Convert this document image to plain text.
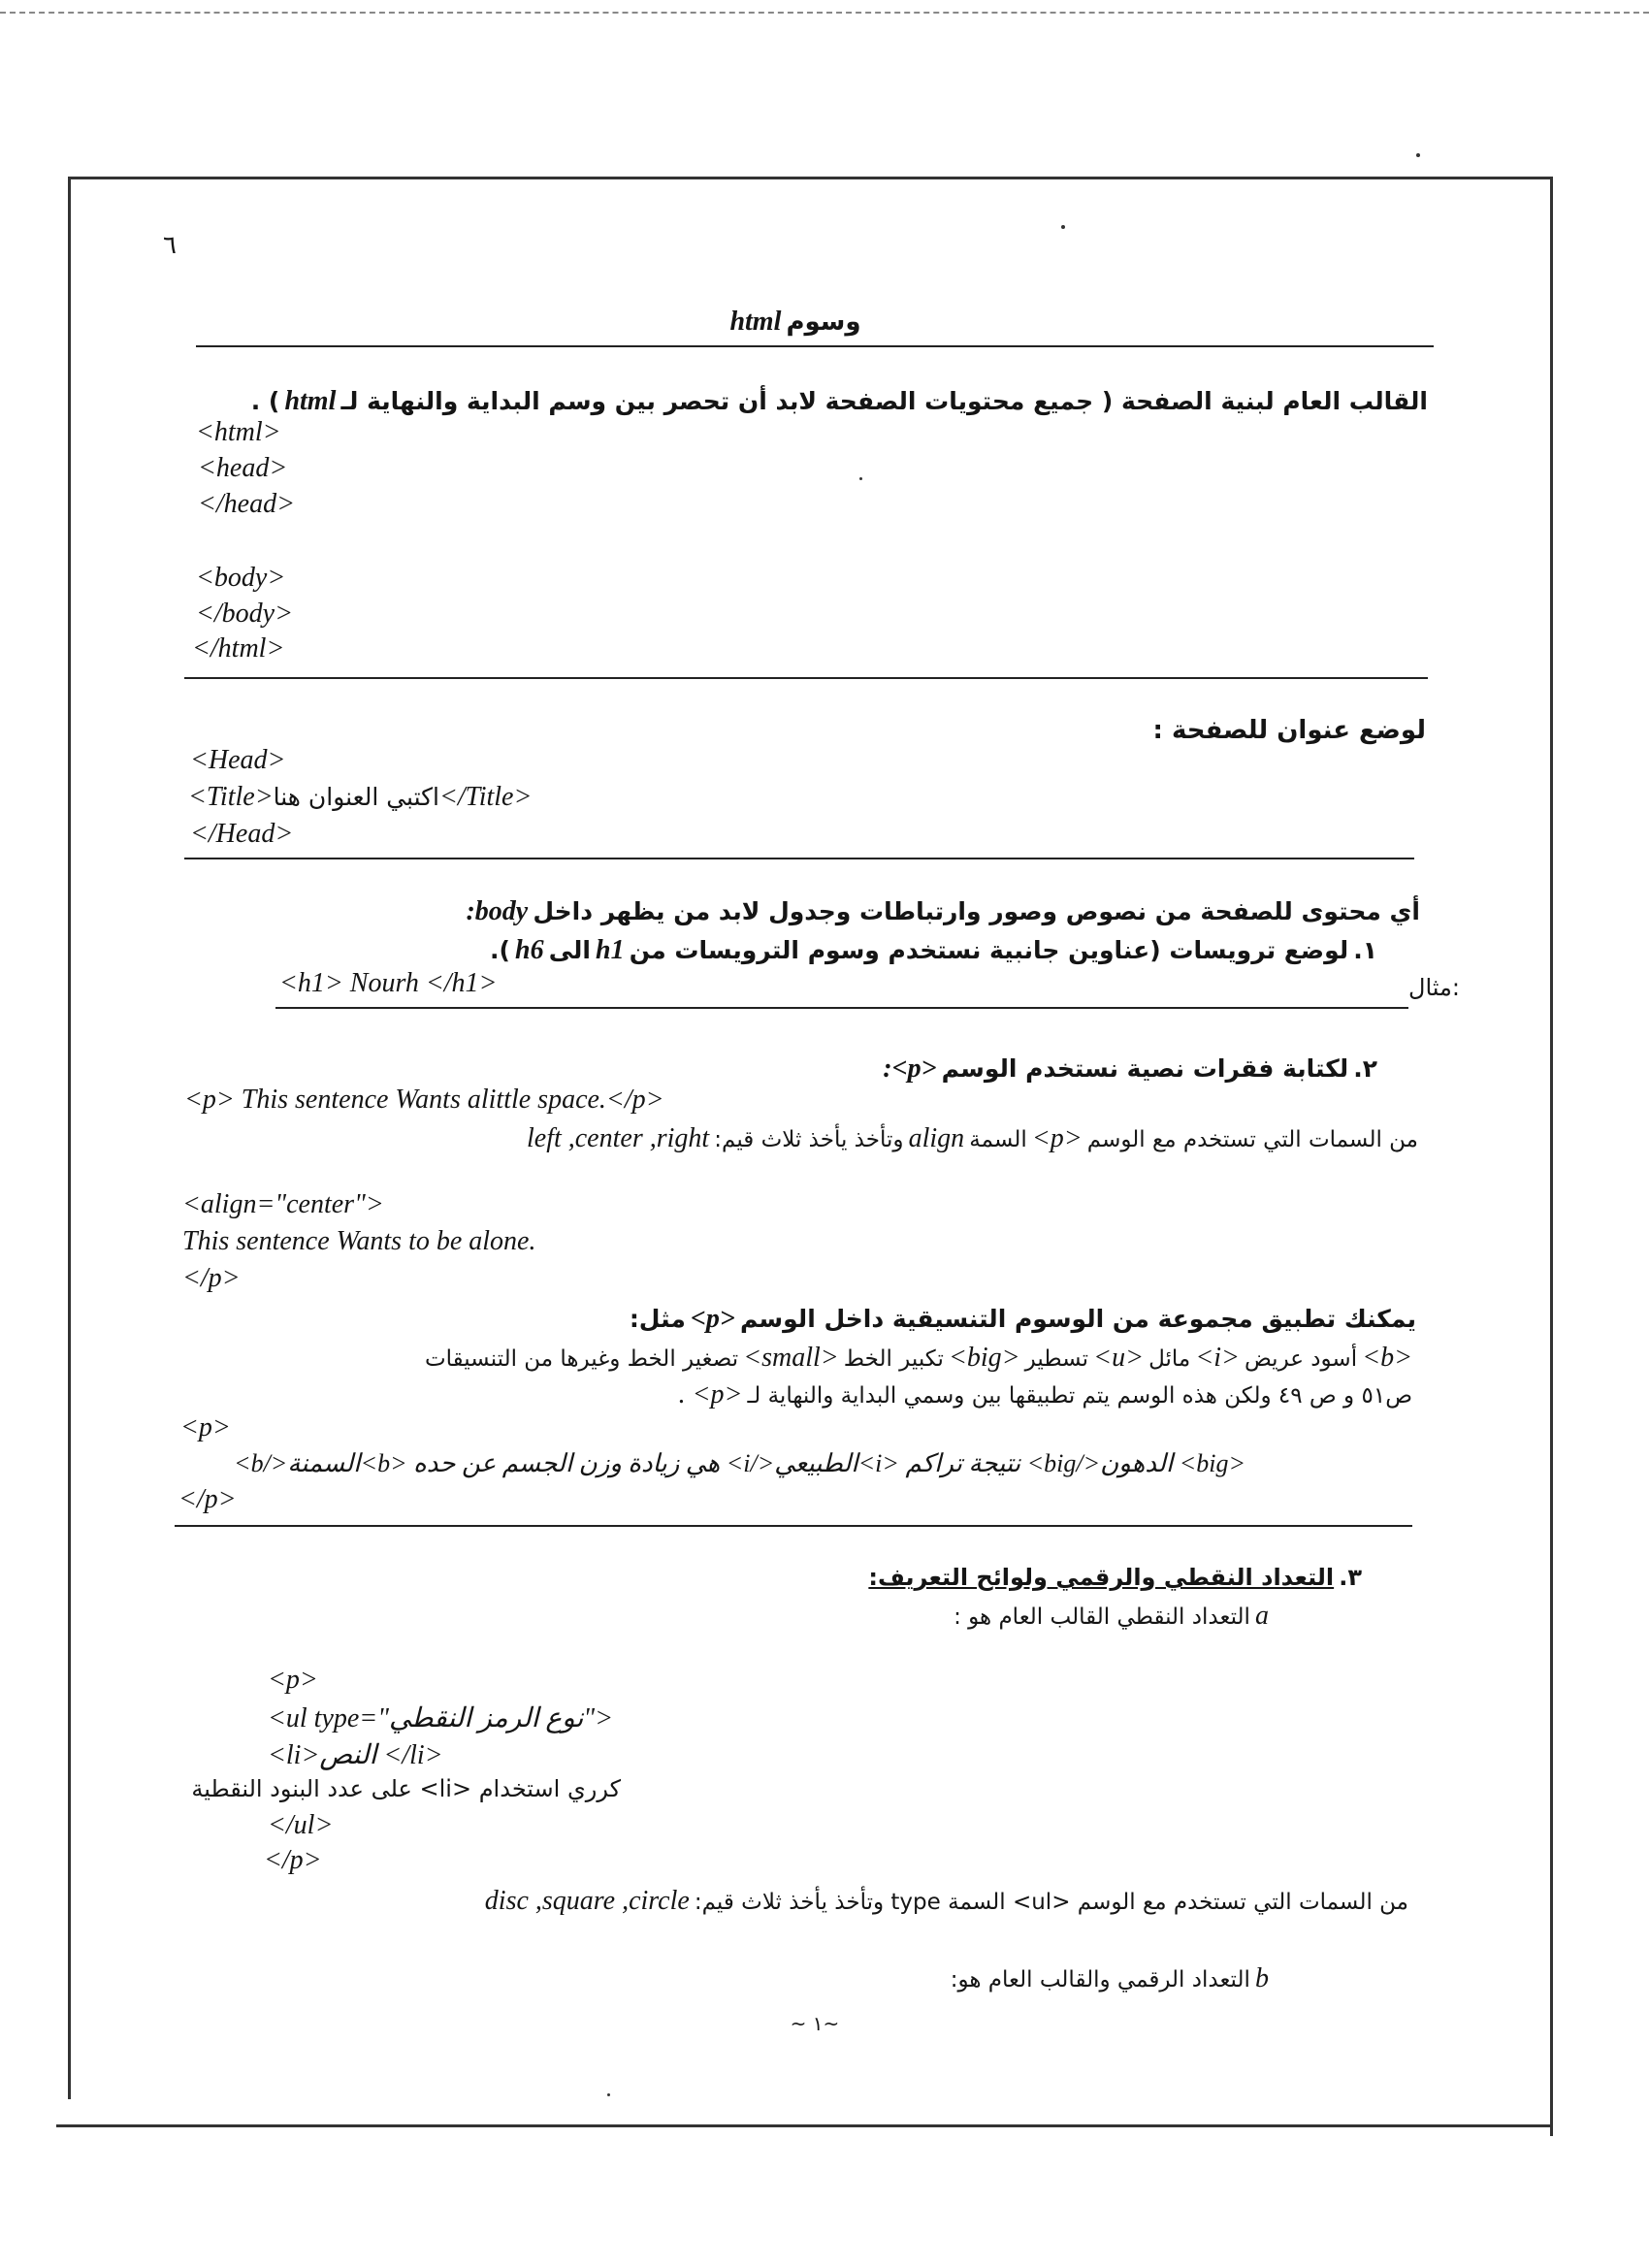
٦
وسوم html
القالب العام لبنية الصفحة ( جميع محتويات الصفحة لابد أن تحصر بين وسم البداية والنهاية لـ html ) .
<html>
<head>
</head>
<body>
</body>
</html>
لوضع عنوان للصفحة :
<Head>
<Title>اكتبي العنوان هنا</Title>
</Head>
أي محتوى للصفحة من نصوص وصور وارتباطات وجدول لابد من يظهر داخل body:
١. لوضع ترويسات (عناوين جانبية نستخدم وسوم الترويسات من h1 الى h6 ).
<h1> Nourh </h1>	مثال:
٢. لكتابة فقرات نصية نستخدم الوسم <p>:
<p> This sentence Wants alittle space.</p>
من السمات التي تستخدم مع الوسم <p> السمة align وتأخذ يأخذ ثلاث قيم: left ,center ,right
<align="center">
This sentence Wants to be alone.
</p>
يمكنك تطبيق مجموعة من الوسوم التنسيقية داخل الوسم <p> مثل:
<b> أسود عريض <i> مائل <u> تسطير <big> تكبير الخط <small> تصغير الخط وغيرها من التنسيقات
ص٥١ و ص ٤٩ ولكن هذه الوسم يتم تطبيقها بين وسمي البداية والنهاية لـ <p> .
<p>
<big> الدهون</big> نتيجة تراكم <i>الطبيعي</i> هي زيادة وزن الجسم عن حده <b>السمنة</b>
</p>
٣. التعداد النقطي والرقمي ولوائح التعريف:
a التعداد النقطي القالب العام هو :
<p>
<ul type="نوع الرمز النقطي">
<li>النص </li>
كرري استخدام <li> على عدد البنود النقطية
</ul>
</p>
من السمات التي تستخدم مع الوسم <ul> السمة type وتأخذ يأخذ ثلاث قيم: disc ,square ,circle
b التعداد الرقمي والقالب العام هو:
~ ١~
